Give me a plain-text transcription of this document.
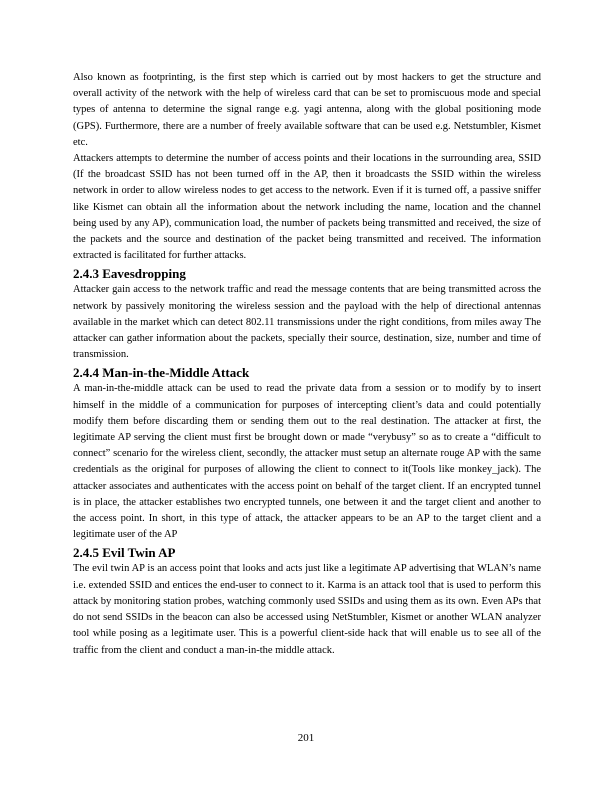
Also known as footprinting, is the first step which is carried out by most hackers to get the structure and overall activity of the network with the help of wireless card that can be set to promiscuous mode and special types of antenna to determine the signal range e.g. yagi antenna, along with the global positioning mode (GPS). Furthermore, there are a number of freely available software that can be used e.g. Netstumbler, Kismet etc.

Attackers attempts to determine the number of access points and their locations in the surrounding area, SSID (If the broadcast SSID has not been turned off in the AP, then it broadcasts the SSID within the wireless network in order to allow wireless nodes to get access to the network. Even if it is turned off, a passive sniffer like Kismet can obtain all the information about the network including the name, location and the channel being used by any AP), communication load, the number of packets being transmitted and received, the size of the packets and the source and destination of the packet being transmitted and received. The information extracted is facilitated for further attacks.

2.4.3 Eavesdropping

Attacker gain access to the network traffic and read the message contents that are being transmitted across the network by passively monitoring the wireless session and the payload with the help of directional antennas available in the market which can detect 802.11 transmissions under the right conditions, from miles away The attacker can gather information about the packets, specially their source, destination, size, number and time of transmission.

2.4.4 Man-in-the-Middle Attack

A man-in-the-middle attack can be used to read the private data from a session or to modify by to insert himself in the middle of a communication for purposes of intercepting client’s data and could potentially modify them before discarding them or sending them out to the real destination. The attacker at first, the legitimate AP serving the client must first be brought down or made “verybusy” so as to create a “difficult to connect” scenario for the wireless client, secondly, the attacker must setup an alternate rouge AP with the same credentials as the original for purposes of allowing the client to connect to it(Tools like monkey_jack). The attacker associates and authenticates with the access point on behalf of the target client. If an encrypted tunnel is in place, the attacker establishes two encrypted tunnels, one between it and the target client and another to the access point. In short, in this type of attack, the attacker appears to be an AP to the target client and a legitimate user of the AP

2.4.5 Evil Twin AP

The evil twin AP is an access point that looks and acts just like a legitimate AP advertising that WLAN’s name i.e. extended SSID and entices the end-user to connect to it. Karma is an attack tool that is used to perform this attack by monitoring station probes, watching commonly used SSIDs and using them as its own. Even APs that do not send SSIDs in the beacon can also be accessed using NetStumbler, Kismet or another WLAN analyzer tool while posing as a legitimate user. This is a powerful client-side hack that will enable us to see all of the traffic from the client and conduct a man-in-the middle attack.

201
